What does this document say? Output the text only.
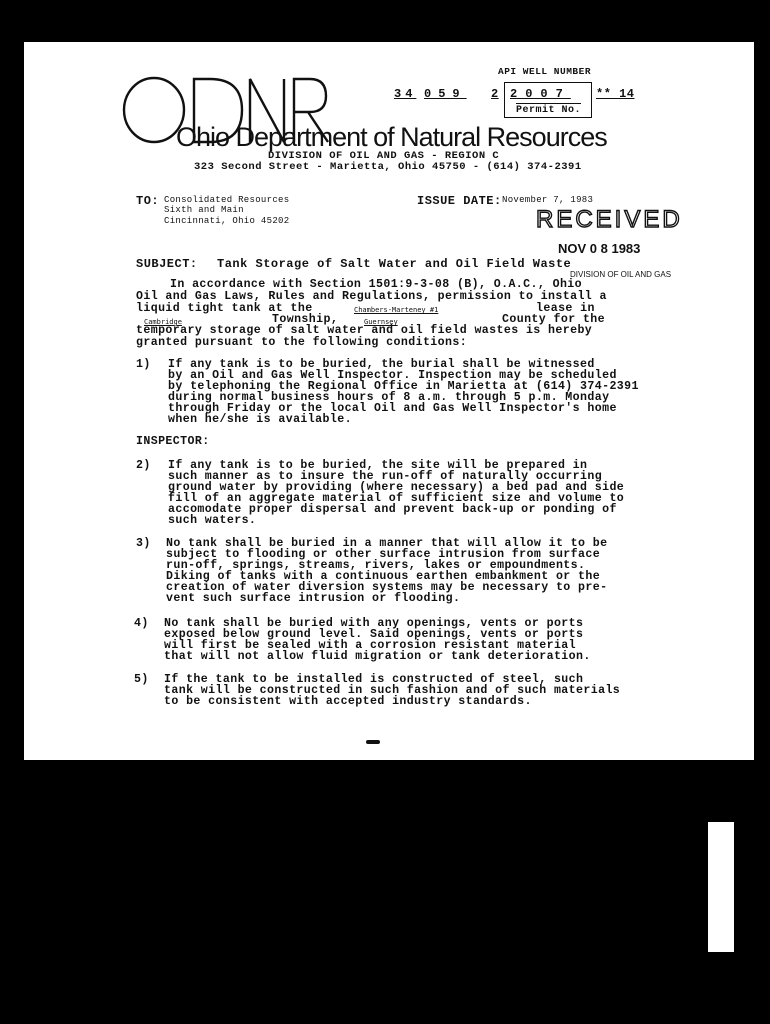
Ohio Department of Natural Resources
DIVISION OF OIL AND GAS - REGION C
323 Second Street - Marietta, Ohio 45750 - (614) 374-2391
API WELL NUMBER
34 059 2 2007
Permit No.
** 14
TO: Consolidated Resources
Sixth and Main
Cincinnati, Ohio 45202
ISSUE DATE: November 7, 1983
RECEIVED
NOV 0 8 1983
SUBJECT: Tank Storage of Salt Water and Oil Field Waste
DIVISION OF OIL AND GAS
In accordance with Section 1501:9-3-08 (B), O.A.C., Ohio
Oil and Gas Laws, Rules and Regulations, permission to install a
liquid tight tank at the	Chambers-Marteney #1	lease in
Cambridge	Township,	Guernsey	County for the
temporary storage of salt water and oil field wastes is hereby
granted pursuant to the following conditions:
1) If any tank is to be buried, the burial shall be witnessed
by an Oil and Gas Well Inspector. Inspection may be scheduled
by telephoning the Regional Office in Marietta at (614) 374-2391
during normal business hours of 8 a.m. through 5 p.m. Monday
through Friday or the local Oil and Gas Well Inspector's home
when he/she is available.
INSPECTOR:
2) If any tank is to be buried, the site will be prepared in
such manner as to insure the run-off of naturally occurring
ground water by providing (where necessary) a bed pad and side
fill of an aggregate material of sufficient size and volume to
accomodate proper dispersal and prevent back-up or ponding of
such waters.
3) No tank shall be buried in a manner that will allow it to be
subject to flooding or other surface intrusion from surface
run-off, springs, streams, rivers, lakes or empoundments.
Diking of tanks with a continuous earthen embankment or the
creation of water diversion systems may be necessary to pre-
vent such surface intrusion or flooding.
4) No tank shall be buried with any openings, vents or ports
exposed below ground level. Said openings, vents or ports
will first be sealed with a corrosion resistant material
that will not allow fluid migration or tank deterioration.
5) If the tank to be installed is constructed of steel, such
tank will be constructed in such fashion and of such materials
to be consistent with accepted industry standards.
